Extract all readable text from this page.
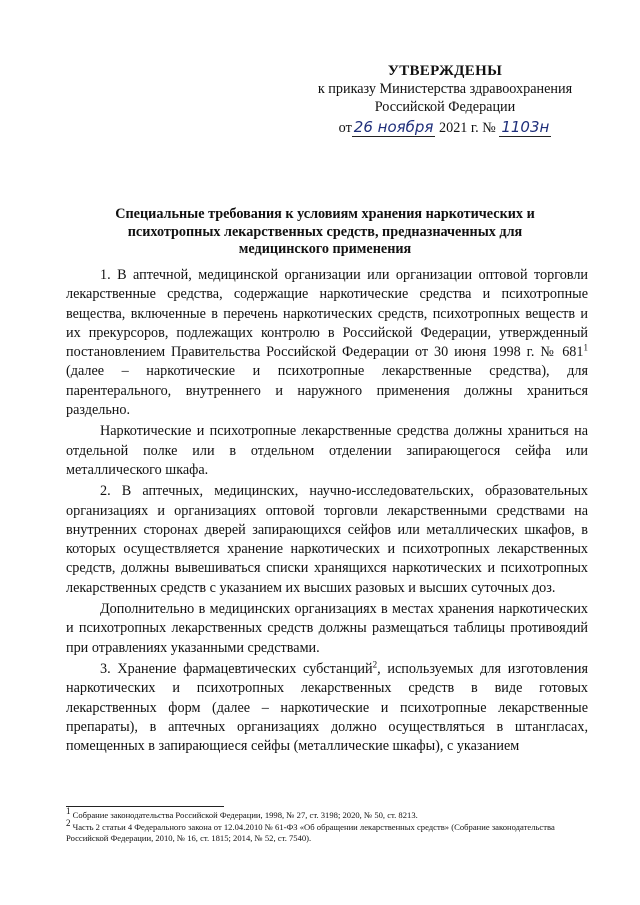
УТВЕРЖДЕНЫ
к приказу Министерства здравоохранения
Российской Федерации
от 26 ноября 2021 г. № 1103н
Специальные требования к условиям хранения наркотических и психотропных лекарственных средств, предназначенных для медицинского применения

1. В аптечной, медицинской организации или организации оптовой торговли лекарственные средства, содержащие наркотические средства и психотропные вещества, включенные в перечень наркотических средств, психотропных веществ и их прекурсоров, подлежащих контролю в Российской Федерации, утвержденный постановлением Правительства Российской Федерации от 30 июня 1998 г. № $681^1$ (далее – наркотические и психотропные лекарственные средства), для парентерального, внутреннего и наружного применения должны храниться раздельно.

Наркотические и психотропные лекарственные средства должны храниться на отдельной полке или в отдельном отделении запирающегося сейфа или металлического шкафа.

2. В аптечных, медицинских, научно-исследовательских, образовательных организациях и организациях оптовой торговли лекарственными средствами на внутренних сторонах дверей запирающихся сейфов или металлических шкафов, в которых осуществляется хранение наркотических и психотропных лекарственных средств, должны вывешиваться списки хранящихся наркотических и психотропных лекарственных средств с указанием их высших разовых и высших суточных доз.

Дополнительно в медицинских организациях в местах хранения наркотических и психотропных лекарственных средств должны размещаться таблицы противоядий при отравлениях указанными средствами.

3. Хранение фармацевтических субстанций$^2$, используемых для изготовления наркотических и психотропных лекарственных средств в виде готовых лекарственных форм (далее – наркотические и психотропные лекарственные препараты), в аптечных организациях должно осуществляться в штангласах, помещенных в запирающиеся сейфы (металлические шкафы), с указанием

$^1$ Собрание законодательства Российской Федерации, 1998, № 27, ст. 3198; 2020, № 50, ст. 8213.

$^2$ Часть 2 статьи 4 Федерального закона от 12.04.2010 № 61-ФЗ «Об обращении лекарственных средств» (Собрание законодательства Российской Федерации, 2010, № 16, ст. 1815; 2014, № 52, ст. 7540).
